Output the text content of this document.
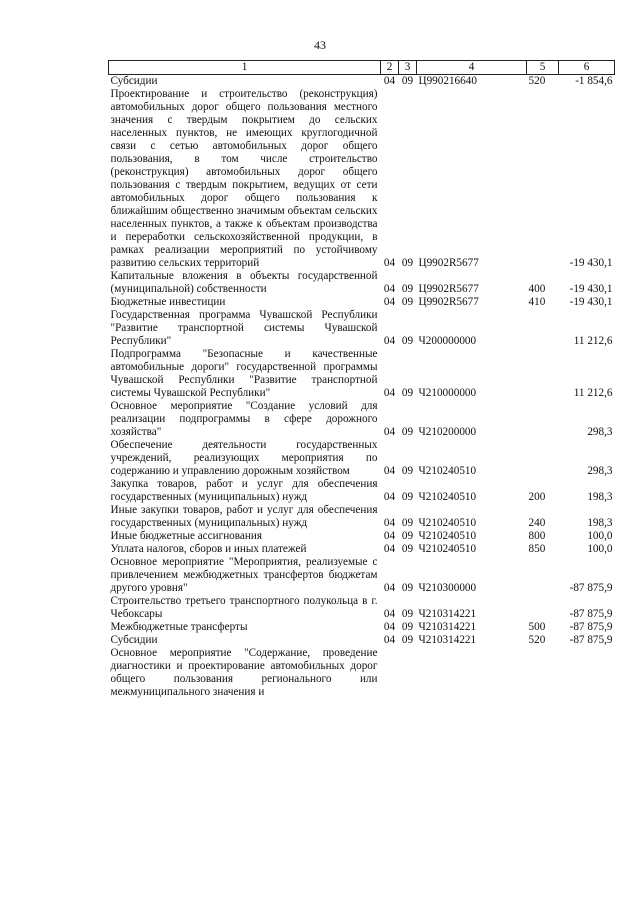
43
1	2	3	4	5	6
Субсидии	04	09	Ц990216640	520	-1 854,6
Проектирование и строительство (реконструкция) автомобильных дорог общего пользования местного значения с твердым покрытием до сельских населенных пунктов, не имеющих круглогодичной связи с сетью автомобильных дорог общего пользования, в том числе строительство (реконструкция) автомобильных дорог общего пользования с твердым покрытием, ведущих от сети автомобильных дорог общего пользования к ближайшим общественно значимым объектам сельских населенных пунктов, а также к объектам производства и переработки сельскохозяйственной продукции, в рамках реализации мероприятий по устойчивому развитию сельских территорий	04	09	Ц9902R5677		-19 430,1
Капитальные вложения в объекты государственной (муниципальной) собственности	04	09	Ц9902R5677	400	-19 430,1
Бюджетные инвестиции	04	09	Ц9902R5677	410	-19 430,1
Государственная программа Чувашской Республики "Развитие транспортной системы Чувашской Республики"	04	09	Ч200000000		11 212,6
Подпрограмма "Безопасные и качественные автомобильные дороги" государственной программы Чувашской Республики "Развитие транспортной системы Чувашской Республики"	04	09	Ч210000000		11 212,6
Основное мероприятие "Создание условий для реализации подпрограммы в сфере дорожного хозяйства"	04	09	Ч210200000		298,3
Обеспечение деятельности государственных учреждений, реализующих мероприятия по содержанию и управлению дорожным хозяйством	04	09	Ч210240510		298,3
Закупка товаров, работ и услуг для обеспечения государственных (муниципальных) нужд	04	09	Ч210240510	200	198,3
Иные закупки товаров, работ и услуг для обеспечения государственных (муниципальных) нужд	04	09	Ч210240510	240	198,3
Иные бюджетные ассигнования	04	09	Ч210240510	800	100,0
Уплата налогов, сборов и иных платежей	04	09	Ч210240510	850	100,0
Основное мероприятие "Мероприятия, реализуемые с привлечением межбюджетных трансфертов бюджетам другого уровня"	04	09	Ч210300000		-87 875,9
Строительство третьего транспортного полукольца в г. Чебоксары	04	09	Ч210314221		-87 875,9
Межбюджетные трансферты	04	09	Ч210314221	500	-87 875,9
Субсидии	04	09	Ч210314221	520	-87 875,9
Основное мероприятие "Содержание, проведение диагностики и проектирование автомобильных дорог общего пользования регионального или межмуниципального значения и					
